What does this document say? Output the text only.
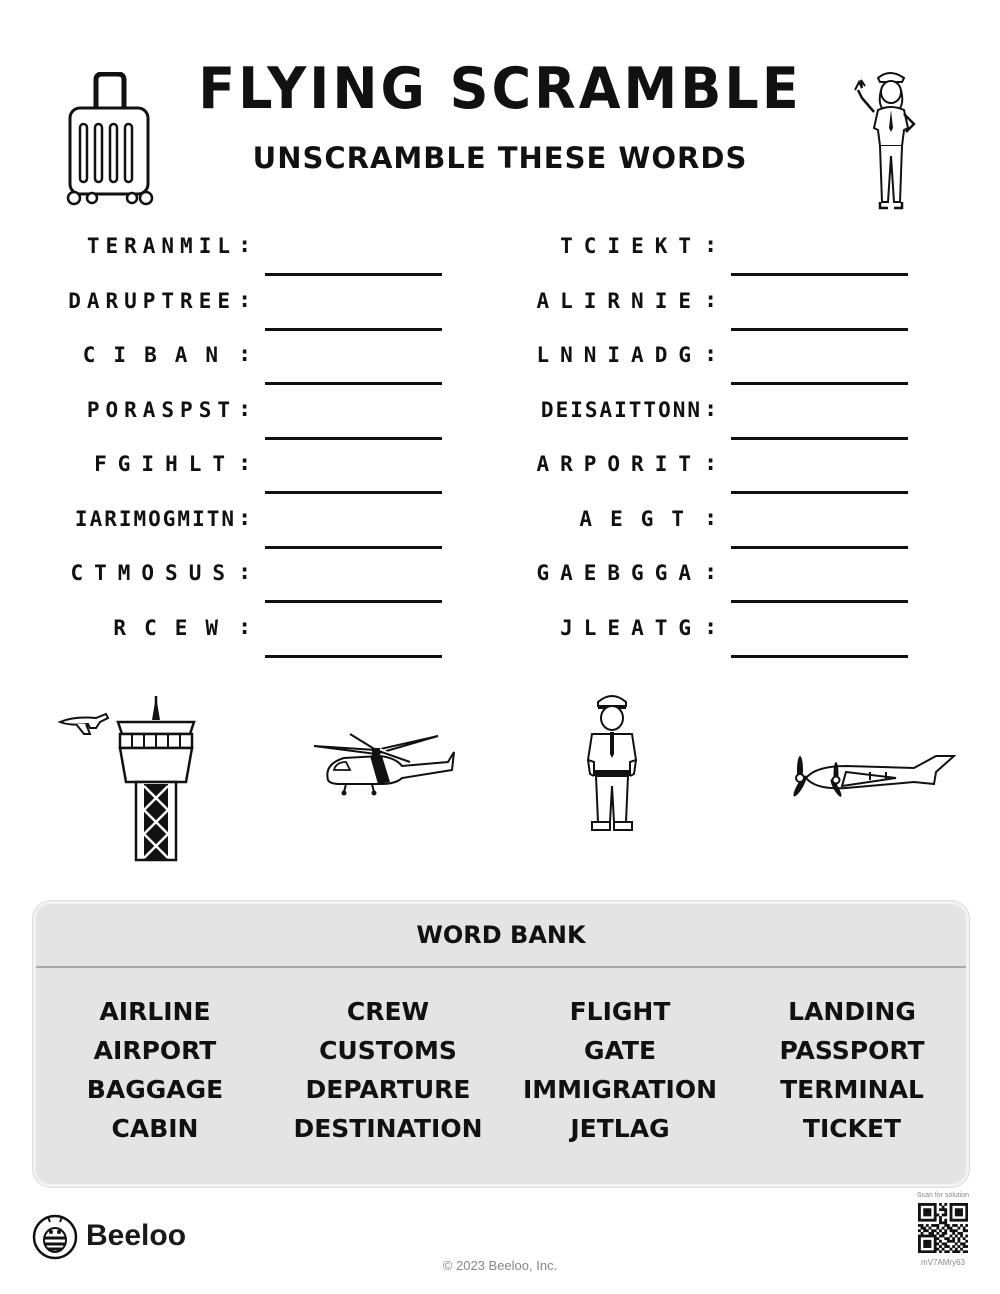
FLYING SCRAMBLE
UNSCRAMBLE THESE WORDS
TERANMIL :
DARUPTREE :
CIBAN :
PORASPST :
FGIHLT :
IARIMOGMITN :
CTMOSUS :
RCEW :
TCIEKT :
ALIRNIE :
LNNIADG :
DEISAITTONN :
ARPORIT :
AEGT :
GAEBGGA :
JLEATG :
WORD BANK
AIRLINE
AIRPORT
BAGGAGE
CABIN
CREW
CUSTOMS
DEPARTURE
DESTINATION
FLIGHT
GATE
IMMIGRATION
JETLAG
LANDING
PASSPORT
TERMINAL
TICKET
Beeloo
© 2023 Beeloo, Inc.
Scan for solution
mV7AMry63
